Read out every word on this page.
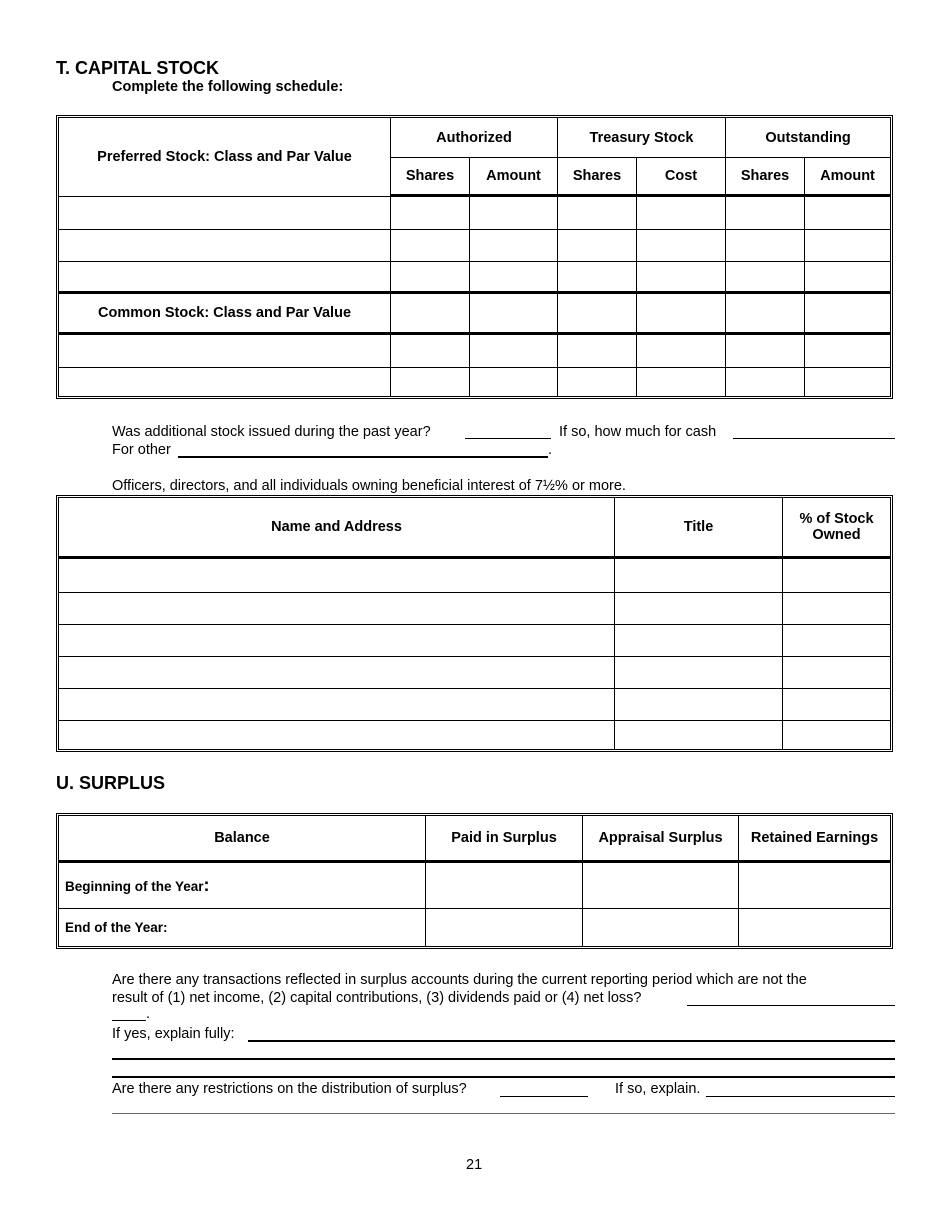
T. CAPITAL STOCK
Complete the following schedule:
Preferred Stock: Class and Par Value	Authorized		Treasury Stock		Outstanding	
	Shares	Amount	Shares	Cost	Shares	Amount

Common Stock: Class and Par Value						

Was additional stock issued during the past year?	If so, how much for cash
For other	.
Officers, directors, and all individuals owning beneficial interest of 7½% or more.
Name and Address	Title	% of Stock
Owned

U. SURPLUS
Balance	Paid in Surplus	Appraisal Surplus	Retained Earnings
Beginning of the Year:			
End of the Year:			
Are there any transactions reflected in surplus accounts during the current reporting period which are not the
result of (1) net income, (2) capital contributions, (3) dividends paid or (4) net loss?
.
If yes, explain fully:
Are there any restrictions on the distribution of surplus?	If so, explain.
21
